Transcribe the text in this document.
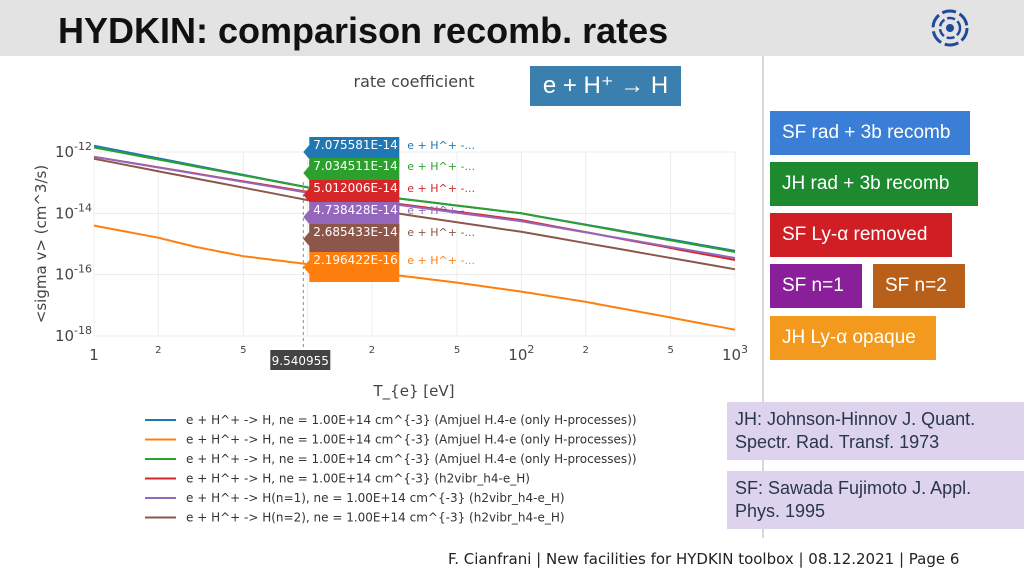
HYDKIN: comparison recomb. rates
9.540955
7.075581E-14 e + H^+ -...
7.034511E-14 e + H^+ -...
5.012006E-14 e + H^+ -...
4.738428E-14 e + H^+ -...
2.685433E-14 e + H^+ -...
2.196422E-16 e + H^+ -...
rate coefficient
1	2	5	$10^2$	2	5	$10^3$
2	5
$10^{-12}$
$10^{-14}$
$10^{-16}$
$10^{-18}$
T_{e} [eV]
<sigma v> (cm^3/s)
e + H^+ -> H, ne = 1.00E+14 cm^{-3} (Amjuel H.4-e (only H-processes))
e + H^+ -> H, ne = 1.00E+14 cm^{-3} (Amjuel H.4-e (only H-processes))
e + H^+ -> H, ne = 1.00E+14 cm^{-3} (Amjuel H.4-e (only H-processes))
e + H^+ -> H, ne = 1.00E+14 cm^{-3} (h2vibr_h4-e_H)
e + H^+ -> H(n=1), ne = 1.00E+14 cm^{-3} (h2vibr_h4-e_H)
e + H^+ -> H(n=2), ne = 1.00E+14 cm^{-3} (h2vibr_h4-e_H)
e + H⁺ → H
SF rad + 3b recomb
JH rad + 3b recomb
SF Ly-α removed
SF n=1	SF n=2
JH Ly-α opaque
JH: Johnson-Hinnov J. Quant.
Spectr. Rad. Transf. 1973
SF: Sawada Fujimoto J. Appl.
Phys. 1995
F. Cianfrani | New facilities for HYDKIN toolbox | 08.12.2021 | Page 6
